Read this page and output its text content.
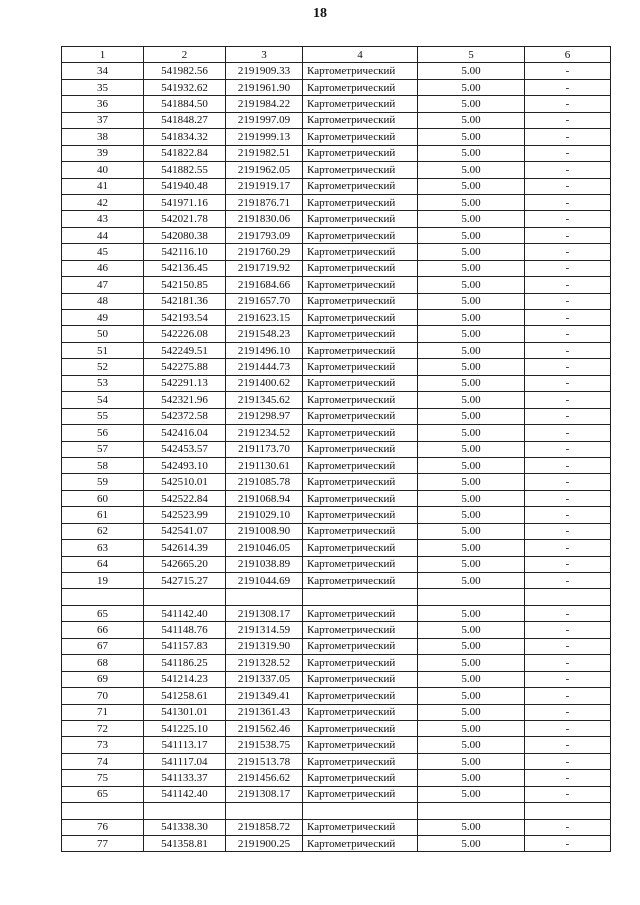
18
1	2	3	4	5	6
34	541982.56	2191909.33	Картометрический	5.00	-
35	541932.62	2191961.90	Картометрический	5.00	-
36	541884.50	2191984.22	Картометрический	5.00	-
37	541848.27	2191997.09	Картометрический	5.00	-
38	541834.32	2191999.13	Картометрический	5.00	-
39	541822.84	2191982.51	Картометрический	5.00	-
40	541882.55	2191962.05	Картометрический	5.00	-
41	541940.48	2191919.17	Картометрический	5.00	-
42	541971.16	2191876.71	Картометрический	5.00	-
43	542021.78	2191830.06	Картометрический	5.00	-
44	542080.38	2191793.09	Картометрический	5.00	-
45	542116.10	2191760.29	Картометрический	5.00	-
46	542136.45	2191719.92	Картометрический	5.00	-
47	542150.85	2191684.66	Картометрический	5.00	-
48	542181.36	2191657.70	Картометрический	5.00	-
49	542193.54	2191623.15	Картометрический	5.00	-
50	542226.08	2191548.23	Картометрический	5.00	-
51	542249.51	2191496.10	Картометрический	5.00	-
52	542275.88	2191444.73	Картометрический	5.00	-
53	542291.13	2191400.62	Картометрический	5.00	-
54	542321.96	2191345.62	Картометрический	5.00	-
55	542372.58	2191298.97	Картометрический	5.00	-
56	542416.04	2191234.52	Картометрический	5.00	-
57	542453.57	2191173.70	Картометрический	5.00	-
58	542493.10	2191130.61	Картометрический	5.00	-
59	542510.01	2191085.78	Картометрический	5.00	-
60	542522.84	2191068.94	Картометрический	5.00	-
61	542523.99	2191029.10	Картометрический	5.00	-
62	542541.07	2191008.90	Картометрический	5.00	-
63	542614.39	2191046.05	Картометрический	5.00	-
64	542665.20	2191038.89	Картометрический	5.00	-
19	542715.27	2191044.69	Картометрический	5.00	-

65	541142.40	2191308.17	Картометрический	5.00	-
66	541148.76	2191314.59	Картометрический	5.00	-
67	541157.83	2191319.90	Картометрический	5.00	-
68	541186.25	2191328.52	Картометрический	5.00	-
69	541214.23	2191337.05	Картометрический	5.00	-
70	541258.61	2191349.41	Картометрический	5.00	-
71	541301.01	2191361.43	Картометрический	5.00	-
72	541225.10	2191562.46	Картометрический	5.00	-
73	541113.17	2191538.75	Картометрический	5.00	-
74	541117.04	2191513.78	Картометрический	5.00	-
75	541133.37	2191456.62	Картометрический	5.00	-
65	541142.40	2191308.17	Картометрический	5.00	-

76	541338.30	2191858.72	Картометрический	5.00	-
77	541358.81	2191900.25	Картометрический	5.00	-
